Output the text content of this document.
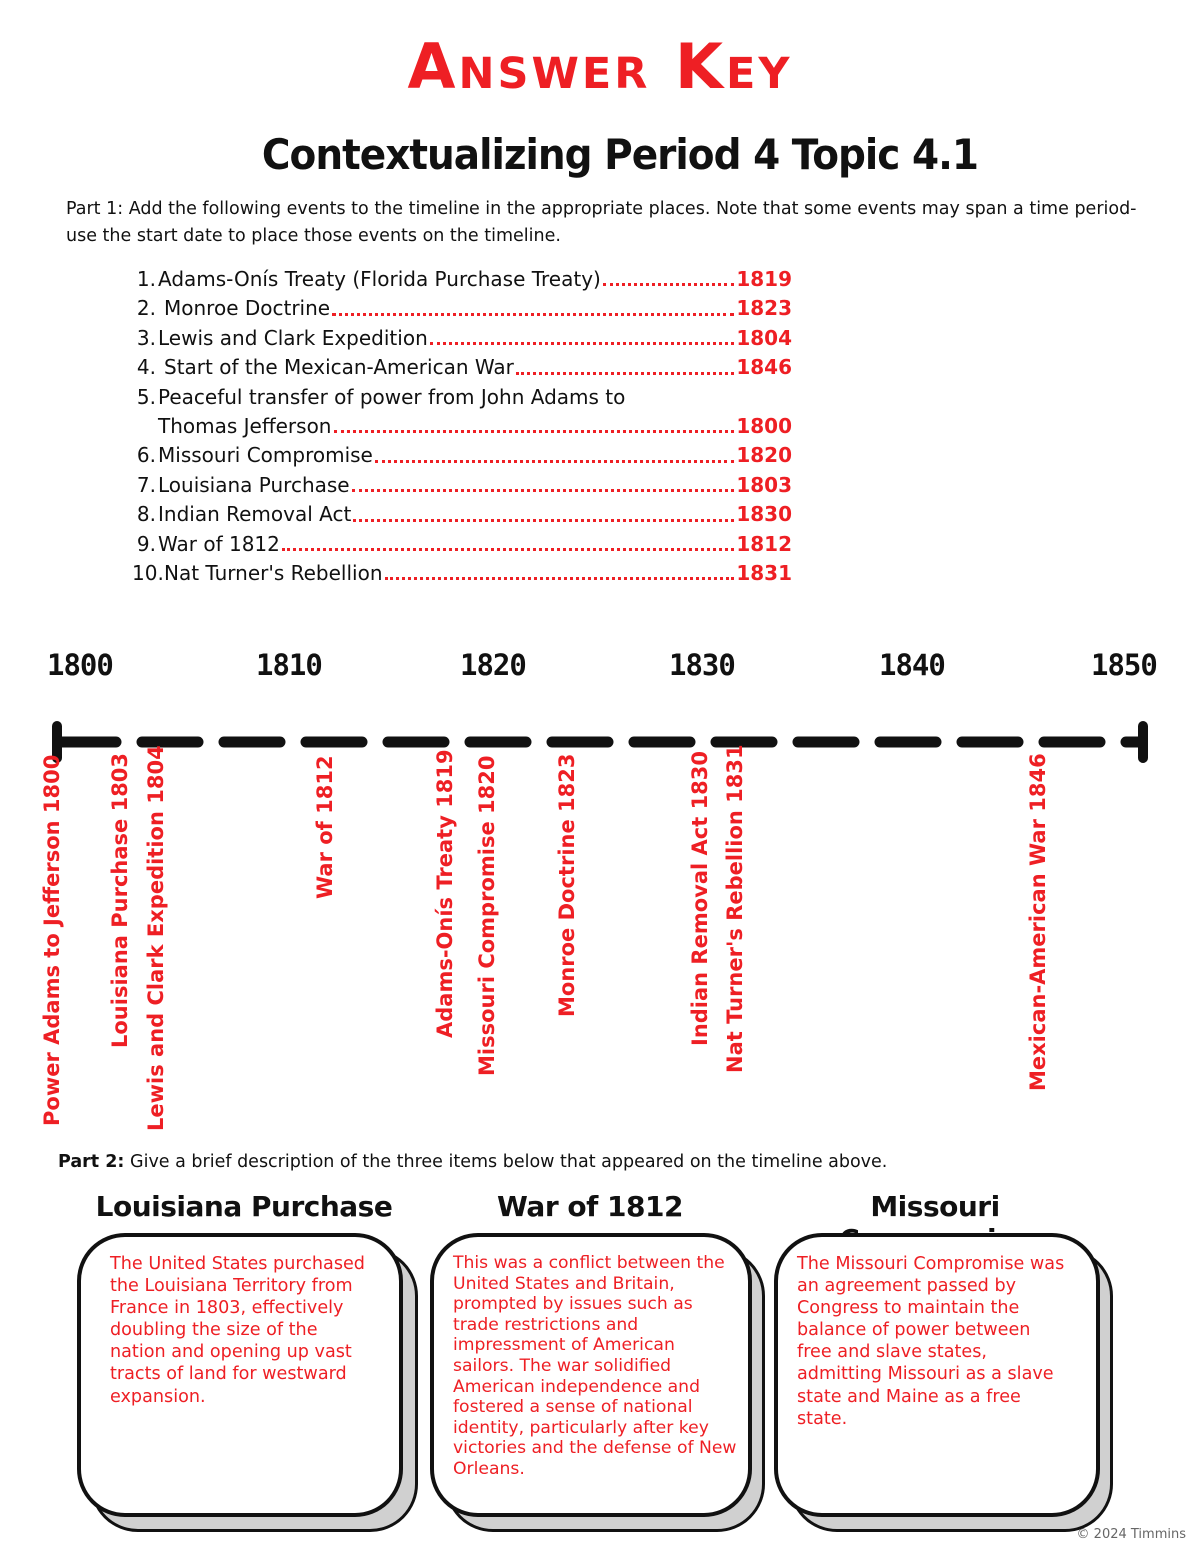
Answer Key
Contextualizing Period 4 Topic 4.1
Part 1: Add the following events to the timeline in the appropriate places. Note that some events may span a time period- use the start date to place those events on the timeline.
1. Adams-Onís Treaty (Florida Purchase Treaty)	1819
2. Monroe Doctrine	1823
3. Lewis and Clark Expedition	1804
4. Start of the Mexican-American War	1846
5. Peaceful transfer of power from John Adams to
Thomas Jefferson	1800
6. Missouri Compromise	1820
7. Louisiana Purchase	1803
8. Indian Removal Act	1830
9. War of 1812	1812
10. Nat Turner's Rebellion	1831
1800	1810	1820	1830	1840	1850
Power Adams to Jefferson 1800 Louisiana Purchase 1803 Lewis and Clark Expedition 1804	War of 1812	Adams-Onís Treaty 1819 Missouri Compromise 1820	Monroe Doctrine 1823	Indian Removal Act 1830 Nat Turner's Rebellion 1831	Mexican-American War 1846
Part 2: Give a brief description of the three items below that appeared on the timeline above.
Louisiana Purchase	War of 1812	Missouri
The United States purchased the Louisiana Territory from France in 1803, effectively doubling the size of the nation and opening up vast tracts of land for westward expansion.
This was a conflict between the United States and Britain, prompted by issues such as trade restrictions and impressment of American sailors. The war solidified American independence and fostered a sense of national identity, particularly after key victories and the defense of New Orleans.
The Missouri Compromise was an agreement passed by Congress to maintain the balance of power between free and slave states, admitting Missouri as a slave state and Maine as a free state.
© 2024 Timmins
